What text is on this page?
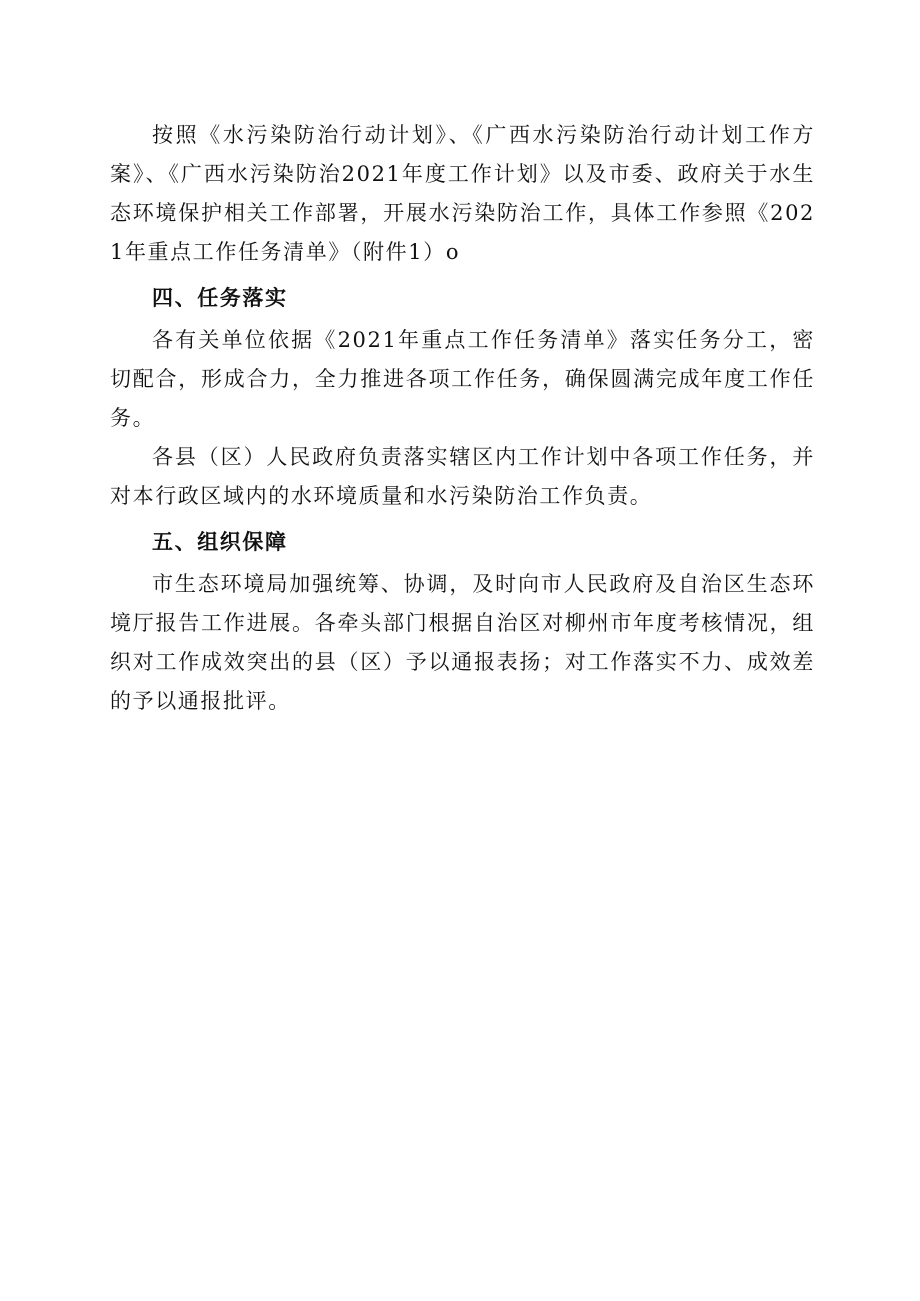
按照《水污染防治行动计划》、《广西水污染防治行动计划工作方案》、《广西水污染防治2021年度工作计划》以及市委、政府关于水生态环境保护相关工作部署，开展水污染防治工作，具体工作参照《2021年重点工作任务清单》（附件1）o

四、任务落实

各有关单位依据《2021年重点工作任务清单》落实任务分工，密切配合，形成合力，全力推进各项工作任务，确保圆满完成年度工作任务。

各县（区）人民政府负责落实辖区内工作计划中各项工作任务，并对本行政区域内的水环境质量和水污染防治工作负责。

五、组织保障

市生态环境局加强统筹、协调，及时向市人民政府及自治区生态环境厅报告工作进展。各牵头部门根据自治区对柳州市年度考核情况，组织对工作成效突出的县（区）予以通报表扬；对工作落实不力、成效差的予以通报批评。
